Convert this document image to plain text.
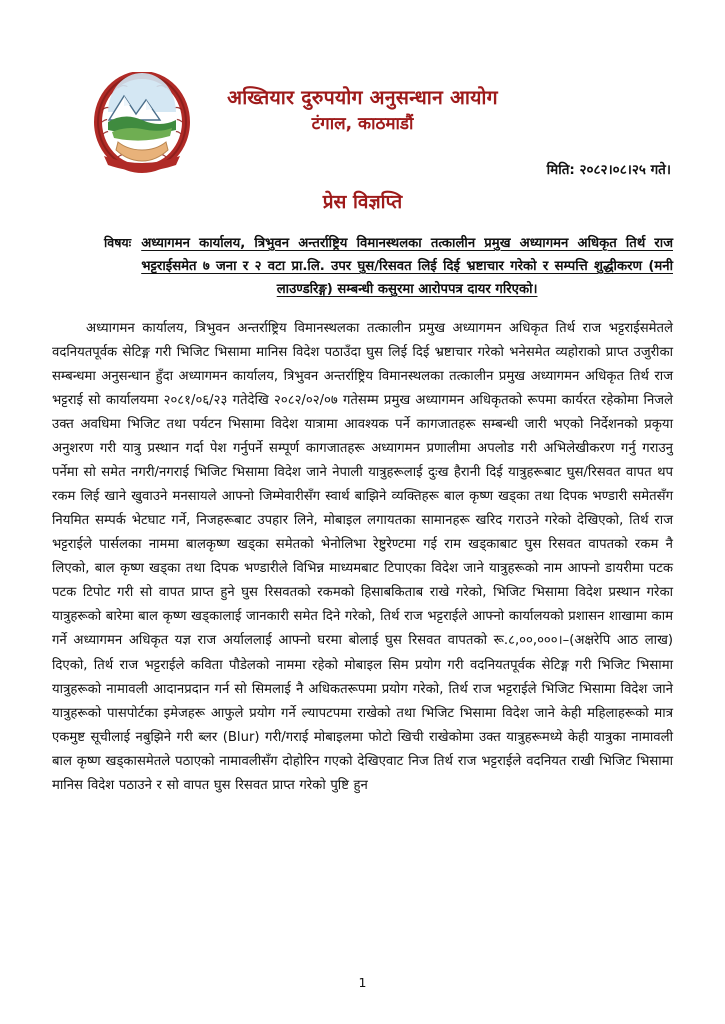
अख्तियार दुरुपयोग अनुसन्धान आयोग
टंगाल, काठमाडौं
मिति: २०८२।०८।२५ गते।
प्रेस विज्ञप्ति
विषयः अध्यागमन कार्यालय, त्रिभुवन अन्तर्राष्ट्रिय विमानस्थलका तत्कालीन प्रमुख अध्यागमन अधिकृत तिर्थ राज भट्टराईसमेत ७ जना र २ वटा प्रा.लि. उपर घुस/रिसवत लिई दिई भ्रष्टाचार गरेको र सम्पत्ति शुद्धीकरण (मनी लाउण्डरिङ्ग) सम्बन्धी कसुरमा आरोपपत्र दायर गरिएको।
अध्यागमन कार्यालय, त्रिभुवन अन्तर्राष्ट्रिय विमानस्थलका तत्कालीन प्रमुख अध्यागमन अधिकृत तिर्थ राज भट्टराईसमेतले वदनियतपूर्वक सेटिङ्ग गरी भिजिट भिसामा मानिस विदेश पठाउँदा घुस लिई दिई भ्रष्टाचार गरेको भनेसमेत व्यहोराको प्राप्त उजुरीका सम्बन्धमा अनुसन्धान हुँदा अध्यागमन कार्यालय, त्रिभुवन अन्तर्राष्ट्रिय विमानस्थलका तत्कालीन प्रमुख अध्यागमन अधिकृत तिर्थ राज भट्टराई सो कार्यालयमा २०८१/०६/२३ गतेदेखि २०८२/०२/०७ गतेसम्म प्रमुख अध्यागमन अधिकृतको रूपमा कार्यरत रहेकोमा निजले उक्त अवधिमा भिजिट तथा पर्यटन भिसामा विदेश यात्रामा आवश्यक पर्ने कागजातहरू सम्बन्धी जारी भएको निर्देशनको प्रकृया अनुशरण गरी यात्रु प्रस्थान गर्दा पेश गर्नुपर्ने सम्पूर्ण कागजातहरू अध्यागमन प्रणालीमा अपलोड गरी अभिलेखीकरण गर्नु गराउनु पर्नेमा सो समेत नगरी/नगराई भिजिट भिसामा विदेश जाने नेपाली यात्रुहरूलाई दुःख हैरानी दिई यात्रुहरूबाट घुस/रिसवत वापत थप रकम लिई खाने खुवाउने मनसायले आफ्नो जिम्मेवारीसँग स्वार्थ बाझिने व्यक्तिहरू बाल कृष्ण खड्का तथा दिपक भण्डारी समेतसँग नियमित सम्पर्क भेटघाट गर्ने, निजहरूबाट उपहार लिने, मोबाइल लगायतका सामानहरू खरिद गराउने गरेको देखिएको, तिर्थ राज भट्टराईले पार्सलका नाममा बालकृष्ण खड्का समेतको भेनोलिभा रेष्टुरेण्टमा गई राम खड्काबाट घुस रिसवत वापतको रकम नै लिएको, बाल कृष्ण खड्का तथा दिपक भण्डारीले विभिन्न माध्यमबाट टिपाएका विदेश जाने यात्रुहरूको नाम आफ्नो डायरीमा पटक पटक टिपोट गरी सो वापत प्राप्त हुने घुस रिसवतको रकमको हिसाबकिताब राखे गरेको, भिजिट भिसामा विदेश प्रस्थान गरेका यात्रुहरूको बारेमा बाल कृष्ण खड्कालाई जानकारी समेत दिने गरेको, तिर्थ राज भट्टराईले आफ्नो कार्यालयको प्रशासन शाखामा काम गर्ने अध्यागमन अधिकृत यज्ञ राज अर्याललाई आफ्नो घरमा बोलाई घुस रिसवत वापतको रू.८,००,०००।–(अक्षरेपि आठ लाख) दिएको, तिर्थ राज भट्टराईले कविता पौडेलको नाममा रहेको मोबाइल सिम प्रयोग गरी वदनियतपूर्वक सेटिङ्ग गरी भिजिट भिसामा यात्रुहरूको नामावली आदानप्रदान गर्न सो सिमलाई नै अधिकतरूपमा प्रयोग गरेको, तिर्थ राज भट्टराईले भिजिट भिसामा विदेश जाने यात्रुहरूको पासपोर्टका इमेजहरू आफुले प्रयोग गर्ने ल्यापटपमा राखेको तथा भिजिट भिसामा विदेश जाने केही महिलाहरूको मात्र एकमुष्ट सूचीलाई नबुझिने गरी ब्लर (Blur) गरी/गराई मोबाइलमा फोटो खिची राखेकोमा उक्त यात्रुहरूमध्ये केही यात्रुका नामावली बाल कृष्ण खड्कासमेतले पठाएको नामावलीसँग दोहोरिन गएको देखिएवाट निज तिर्थ राज भट्टराईले वदनियत राखी भिजिट भिसामा मानिस विदेश पठाउने र सो वापत घुस रिसवत प्राप्त गरेको पुष्टि हुन
1
